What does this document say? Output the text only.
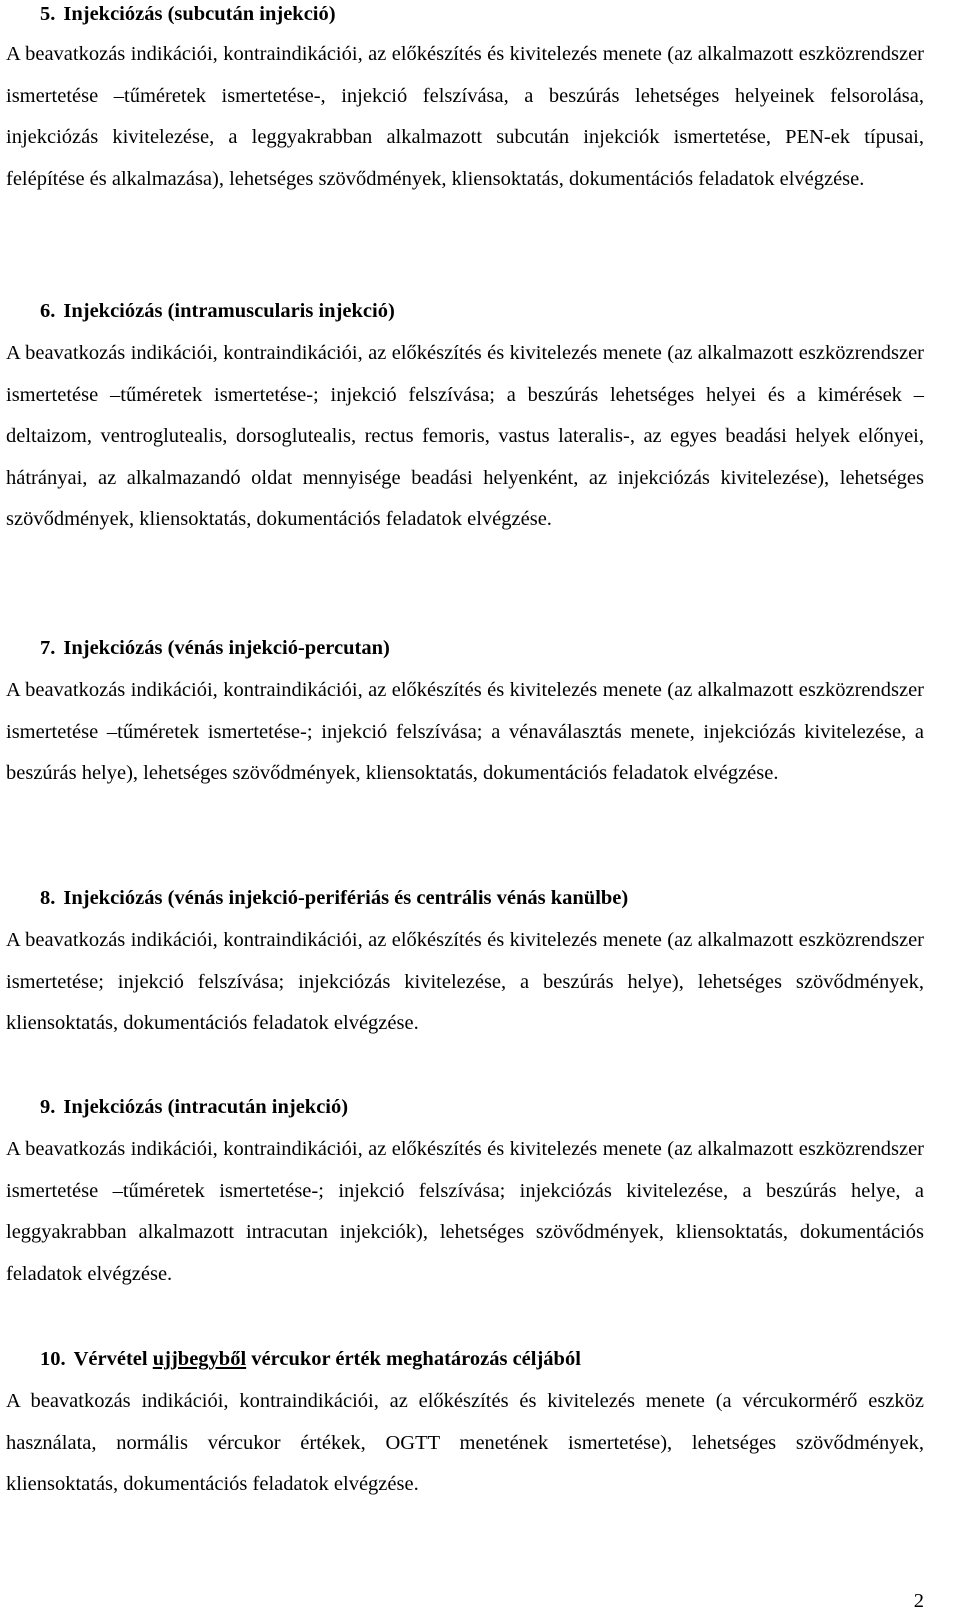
5. Injekciózás (subcután injekció)

A beavatkozás indikációi, kontraindikációi, az előkészítés és kivitelezés menete (az alkalmazott eszközrendszer ismertetése –tűméretek ismertetése-, injekció felszívása, a beszúrás lehetséges helyeinek felsorolása, injekciózás kivitelezése, a leggyakrabban alkalmazott subcután injekciók ismertetése, PEN-ek típusai, felépítése és alkalmazása), lehetséges szövődmények, kliensoktatás, dokumentációs feladatok elvégzése.

6. Injekciózás (intramuscularis injekció)

A beavatkozás indikációi, kontraindikációi, az előkészítés és kivitelezés menete (az alkalmazott eszközrendszer ismertetése –tűméretek ismertetése-; injekció felszívása; a beszúrás lehetséges helyei és a kimérések –deltaizom, ventroglutealis, dorsoglutealis, rectus femoris, vastus lateralis-, az egyes beadási helyek előnyei, hátrányai, az alkalmazandó oldat mennyisége beadási helyenként, az injekciózás kivitelezése), lehetséges szövődmények, kliensoktatás, dokumentációs feladatok elvégzése.

7. Injekciózás (vénás injekció-percutan)

A beavatkozás indikációi, kontraindikációi, az előkészítés és kivitelezés menete (az alkalmazott eszközrendszer ismertetése –tűméretek ismertetése-; injekció felszívása; a vénaválasztás menete, injekciózás kivitelezése, a beszúrás helye), lehetséges szövődmények, kliensoktatás, dokumentációs feladatok elvégzése.

8. Injekciózás (vénás injekció-perifériás és centrális vénás kanülbe)

A beavatkozás indikációi, kontraindikációi, az előkészítés és kivitelezés menete (az alkalmazott eszközrendszer ismertetése; injekció felszívása; injekciózás kivitelezése, a beszúrás helye), lehetséges szövődmények, kliensoktatás, dokumentációs feladatok elvégzése.

9. Injekciózás (intracután injekció)

A beavatkozás indikációi, kontraindikációi, az előkészítés és kivitelezés menete (az alkalmazott eszközrendszer ismertetése –tűméretek ismertetése-; injekció felszívása; injekciózás kivitelezése, a beszúrás helye, a leggyakrabban alkalmazott intracutan injekciók), lehetséges szövődmények, kliensoktatás, dokumentációs feladatok elvégzése.

10. Vérvétel ujjbegyből vércukor érték meghatározás céljából

A beavatkozás indikációi, kontraindikációi, az előkészítés és kivitelezés menete (a vércukormérő eszköz használata, normális vércukor értékek, OGTT menetének ismertetése), lehetséges szövődmények, kliensoktatás, dokumentációs feladatok elvégzése.

2
